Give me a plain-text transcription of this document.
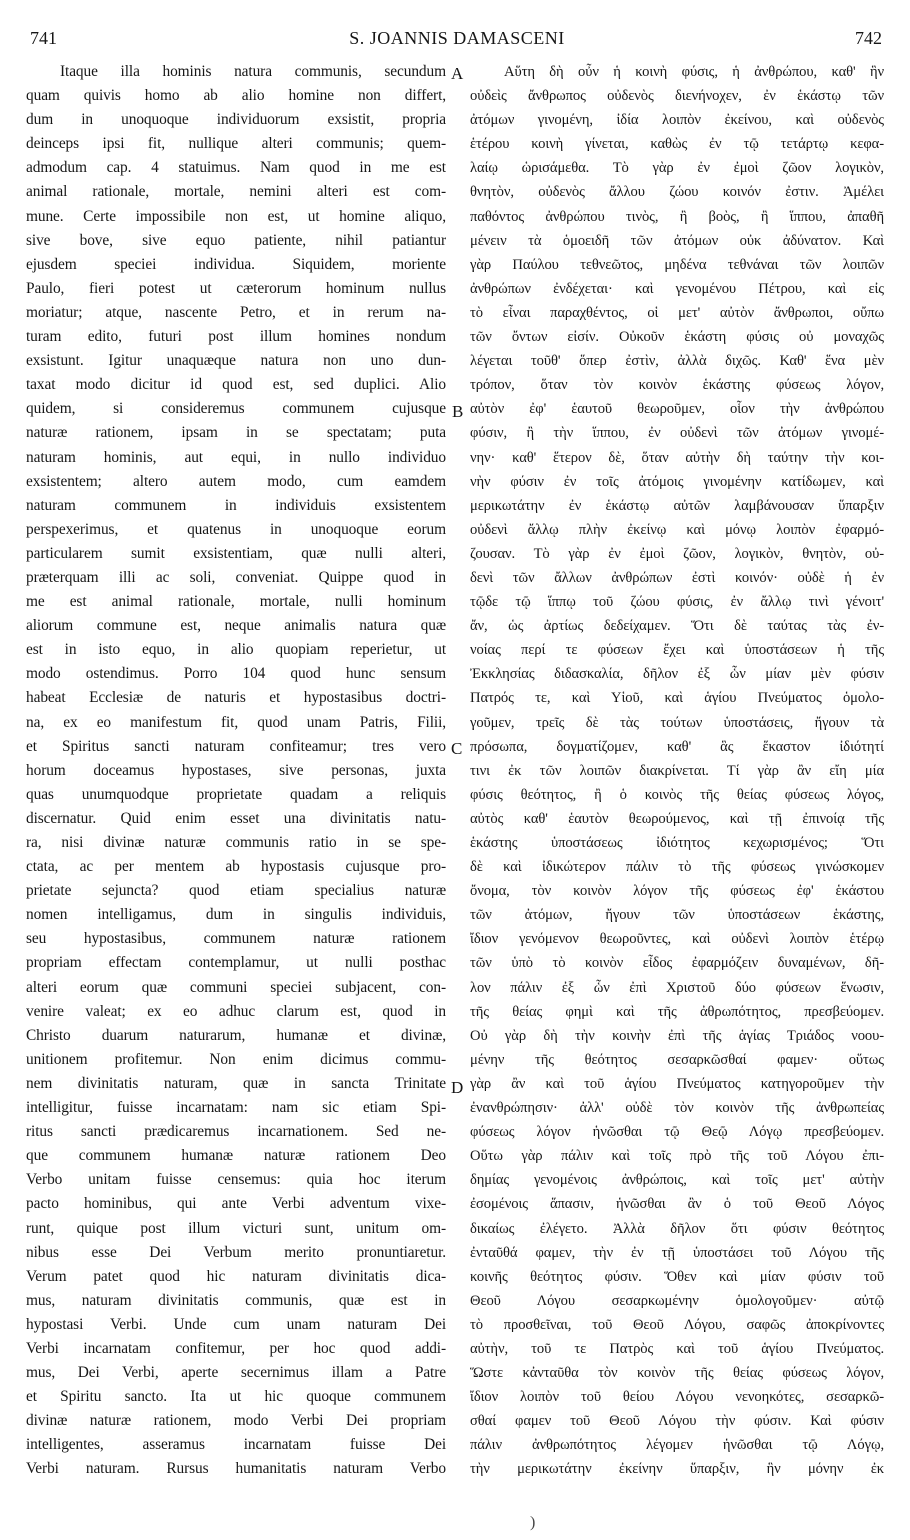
741	S. JOANNIS DAMASCENI	742
Itaque illa hominis natura communis, secundum
quam quivis homo ab alio homine non differt,
dum in unoquoque individuorum exsistit, propria
deinceps ipsi fit, nullique alteri communis; quem-
admodum cap. 4 statuimus. Nam quod in me est
animal rationale, mortale, nemini alteri est com-
mune. Certe impossibile non est, ut homine aliquo,
sive bove, sive equo patiente, nihil patiantur
ejusdem speciei individua. Siquidem, moriente
Paulo, fieri potest ut cæterorum hominum nullus
moriatur; atque, nascente Petro, et in rerum na-
turam edito, futuri post illum homines nondum
exsistunt. Igitur unaquæque natura non uno dun-
taxat modo dicitur id quod est, sed duplici. Alio
quidem, si consideremus communem cujusque
naturæ rationem, ipsam in se spectatam; puta
naturam hominis, aut equi, in nullo individuo
exsistentem; altero autem modo, cum eamdem
naturam communem in individuis exsistentem
perspexerimus, et quatenus in unoquoque eorum
particularem sumit exsistentiam, quæ nulli alteri,
præterquam illi ac soli, conveniat. Quippe quod in
me est animal rationale, mortale, nulli hominum
aliorum commune est, neque animalis natura quæ
est in isto equo, in alio quopiam reperietur, ut
modo ostendimus. Porro 104 quod hunc sensum
habeat Ecclesiæ de naturis et hypostasibus doctri-
na, ex eo manifestum fit, quod unam Patris, Filii,
et Spiritus sancti naturam confiteamur; tres vero
horum doceamus hypostases, sive personas, juxta
quas unumquodque proprietate quadam a reliquis
discernatur. Quid enim esset una divinitatis natu-
ra, nisi divinæ naturæ communis ratio in se spe-
ctata, ac per mentem ab hypostasis cujusque pro-
prietate sejuncta? quod etiam specialius naturæ
nomen intelligamus, dum in singulis individuis,
seu hypostasibus, communem naturæ rationem
propriam effectam contemplamur, ut nulli posthac
alteri eorum quæ communi speciei subjacent, con-
venire valeat; ex eo adhuc clarum est, quod in
Christo duarum naturarum, humanæ et divinæ,
unitionem profitemur. Non enim dicimus commu-
nem divinitatis naturam, quæ in sancta Trinitate
intelligitur, fuisse incarnatam: nam sic etiam Spi-
ritus sancti prædicaremus incarnationem. Sed ne-
que communem humanæ naturæ rationem Deo
Verbo unitam fuisse censemus: quia hoc iterum
pacto hominibus, qui ante Verbi adventum vixe-
runt, quique post illum victuri sunt, unitum om-
nibus esse Dei Verbum merito pronuntiaretur.
Verum patet quod hic naturam divinitatis dica-
mus, naturam divinitatis communis, quæ est in
hypostasi Verbi. Unde cum unam naturam Dei
Verbi incarnatam confitemur, per hoc quod addi-
mus, Dei Verbi, aperte secernimus illam a Patre
et Spiritu sancto. Ita ut hic quoque communem
divinæ naturæ rationem, modo Verbi Dei propriam
intelligentes, asseramus incarnatam fuisse Dei
Verbi naturam. Rursus humanitatis naturam Verbo
A
B
C
D
Αὕτη δὴ οὖν ἡ κοινὴ φύσις, ἡ ἀνθρώπου, καθ' ἣν
οὐδεὶς ἄνθρωπος οὐδενὸς διενήνοχεν, ἐν ἑκάστῳ τῶν
ἀτόμων γινομένη, ἰδία λοιπὸν ἐκείνου, καὶ οὐδενὸς
ἑτέρου κοινὴ γίνεται, καθὼς ἐν τῷ τετάρτῳ κεφα-
λαίῳ ὡρισάμεθα. Τὸ γὰρ ἐν ἐμοὶ ζῶον λογικὸν,
θνητὸν, οὐδενὸς ἄλλου ζώου κοινόν ἐστιν. Ἀμέλει
παθόντος ἀνθρώπου τινὸς, ἢ βοὸς, ἢ ἵππου, ἀπαθῆ
μένειν τὰ ὁμοειδῆ τῶν ἀτόμων οὐκ ἀδύνατον. Καὶ
γὰρ Παύλου τεθνεῶτος, μηδένα τεθνάναι τῶν λοιπῶν
ἀνθρώπων ἐνδέχεται· καὶ γενομένου Πέτρου, καὶ εἰς
τὸ εἶναι παραχθέντος, οἱ μετ' αὐτὸν ἄνθρωποι, οὔπω
τῶν ὄντων εἰσίν. Οὐκοῦν ἑκάστη φύσις οὐ μοναχῶς
λέγεται τοῦθ' ὅπερ ἐστὶν, ἀλλὰ διχῶς. Καθ' ἕνα μὲν
τρόπον, ὅταν τὸν κοινὸν ἑκάστης φύσεως λόγον,
αὐτὸν ἐφ' ἑαυτοῦ θεωροῦμεν, οἷον τὴν ἀνθρώπου
φύσιν, ἢ τὴν ἵππου, ἐν οὐδενὶ τῶν ἀτόμων γινομέ-
νην· καθ' ἕτερον δὲ, ὅταν αὐτὴν δὴ ταύτην τὴν κοι-
νὴν φύσιν ἐν τοῖς ἀτόμοις γινομένην κατίδωμεν, καὶ
μερικωτάτην ἐν ἑκάστῳ αὐτῶν λαμβάνουσαν ὕπαρξιν
οὐδενὶ ἄλλῳ πλὴν ἐκείνῳ καὶ μόνῳ λοιπὸν ἐφαρμό-
ζουσαν. Τὸ γὰρ ἐν ἐμοὶ ζῶον, λογικὸν, θνητὸν, οὐ-
δενὶ τῶν ἄλλων ἀνθρώπων ἐστὶ κοινόν· οὐδὲ ἡ ἐν
τῷδε τῷ ἵππῳ τοῦ ζώου φύσις, ἐν ἄλλῳ τινὶ γένοιτ'
ἄν, ὡς ἀρτίως δεδείχαμεν. Ὅτι δὲ ταύτας τὰς ἐν-
νοίας περί τε φύσεων ἔχει καὶ ὑποστάσεων ἡ τῆς
Ἐκκλησίας διδασκαλία, δῆλον ἐξ ὧν μίαν μὲν φύσιν
Πατρός τε, καὶ Υἱοῦ, καὶ ἁγίου Πνεύματος ὁμολο-
γοῦμεν, τρεῖς δὲ τὰς τούτων ὑποστάσεις, ἤγουν τὰ
πρόσωπα, δογματίζομεν, καθ' ἃς ἕκαστον ἰδιότητί
τινι ἐκ τῶν λοιπῶν διακρίνεται. Τί γὰρ ἂν εἴη μία
φύσις θεότητος, ἢ ὁ κοινὸς τῆς θείας φύσεως λόγος,
αὐτὸς καθ' ἑαυτὸν θεωρούμενος, καὶ τῇ ἐπινοίᾳ τῆς
ἑκάστης ὑποστάσεως ἰδιότητος κεχωρισμένος; Ὅτι
δὲ καὶ ἰδικώτερον πάλιν τὸ τῆς φύσεως γινώσκομεν
ὄνομα, τὸν κοινὸν λόγον τῆς φύσεως ἐφ' ἑκάστου
τῶν ἀτόμων, ἤγουν τῶν ὑποστάσεων ἑκάστης,
ἴδιον γενόμενον θεωροῦντες, καὶ οὐδενὶ λοιπὸν ἑτέρῳ
τῶν ὑπὸ τὸ κοινὸν εἶδος ἐφαρμόζειν δυναμένων, δῆ-
λον πάλιν ἐξ ὧν ἐπὶ Χριστοῦ δύο φύσεων ἕνωσιν,
τῆς θείας φημὶ καὶ τῆς ἀθρωπότητος, πρεσβεύομεν.
Οὐ γὰρ δὴ τὴν κοινὴν ἐπὶ τῆς ἁγίας Τριάδος νοου-
μένην τῆς θεότητος σεσαρκῶσθαί φαμεν· οὕτως
γὰρ ἂν καὶ τοῦ ἁγίου Πνεύματος κατηγοροῦμεν τὴν
ἐνανθρώπησιν· ἀλλ' οὐδὲ τὸν κοινὸν τῆς ἀνθρωπείας
φύσεως λόγον ἡνῶσθαι τῷ Θεῷ Λόγῳ πρεσβεύομεν.
Οὕτω γὰρ πάλιν καὶ τοῖς πρὸ τῆς τοῦ Λόγου ἐπι-
δημίας γενομένοις ἀνθρώποις, καὶ τοῖς μετ' αὐτὴν
ἐσομένοις ἅπασιν, ἡνῶσθαι ἂν ὁ τοῦ Θεοῦ Λόγος
δικαίως ἐλέγετο. Ἀλλὰ δῆλον ὅτι φύσιν θεότητος
ἐνταῦθά φαμεν, τὴν ἐν τῇ ὑποστάσει τοῦ Λόγου τῆς
κοινῆς θεότητος φύσιν. Ὅθεν καὶ μίαν φύσιν τοῦ
Θεοῦ Λόγου σεσαρκωμένην ὁμολογοῦμεν· αὐτῷ
τὸ προσθεῖναι, τοῦ Θεοῦ Λόγου, σαφῶς ἀποκρίνοντες
αὐτὴν, τοῦ τε Πατρὸς καὶ τοῦ ἁγίου Πνεύματος.
Ὥστε κἀνταῦθα τὸν κοινὸν τῆς θείας φύσεως λόγον,
ἴδιον λοιπὸν τοῦ θείου Λόγου νενοηκότες, σεσαρκῶ-
σθαί φαμεν τοῦ Θεοῦ Λόγου τὴν φύσιν. Καὶ φύσιν
πάλιν ἀνθρωπότητος λέγομεν ἡνῶσθαι τῷ Λόγῳ,
τὴν μερικωτάτην ἐκείνην ὕπαρξιν, ἣν μόνην ἐκ
)
